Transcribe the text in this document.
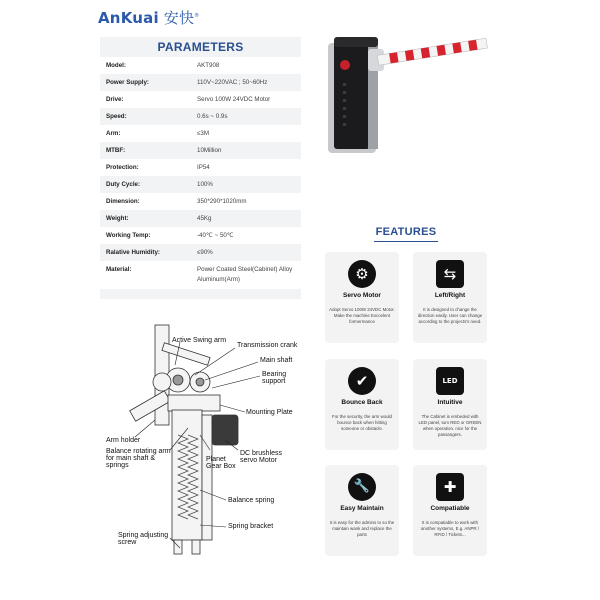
AnKuai 安快®
PARAMETERS
Model:	AKT908
Power Supply:	110V~220VAC ; 50~60Hz
Drive:	Servo 100W 24VDC Motor
Speed:	0.6s ~ 0.9s
Arm:	≤3M
MTBF:	10Million
Protection:	IP54
Duty Cycle:	100%
Dimension:	350*290*1020mm
Weight:	45Kg
Working Temp:	-40℃ ~ 50℃
Ralative Humidity:	≤90%
Material:	Power Coated Steel(Cabinet) Alloy Aluminum(Arm)
FEATURES
⚙
Servo Motor
Adopt Servo 100W 24VDC Motor. Make the machine Exccelent formermance
⇆
Left/Right
It is designed to change the direction easily. User can change according to the projects's need.
✔
Bounce Back
For the security, the arm would bounce back when hitting someone or obstacle.
LED
Intuitive
The Cabinet is embeded with LED panel, turn RED or GREEN when operation. nice for the passangers.
🔧
Easy Maintain
It is easy for the admins to so the maintain wank and replace the parts
✚
Compatiable
It is compatiable to work with another systems, E.g. ANPR / RFID / Tickets...
Active Swing arm
Transmission crank
Main shaft
Bearing support
Mounting Plate
Arm holder
Balance rotating arm for main shaft & springs
Planet Gear Box
DC brushless servo Motor
Balance spring
Spring bracket
Spring adjusting screw
